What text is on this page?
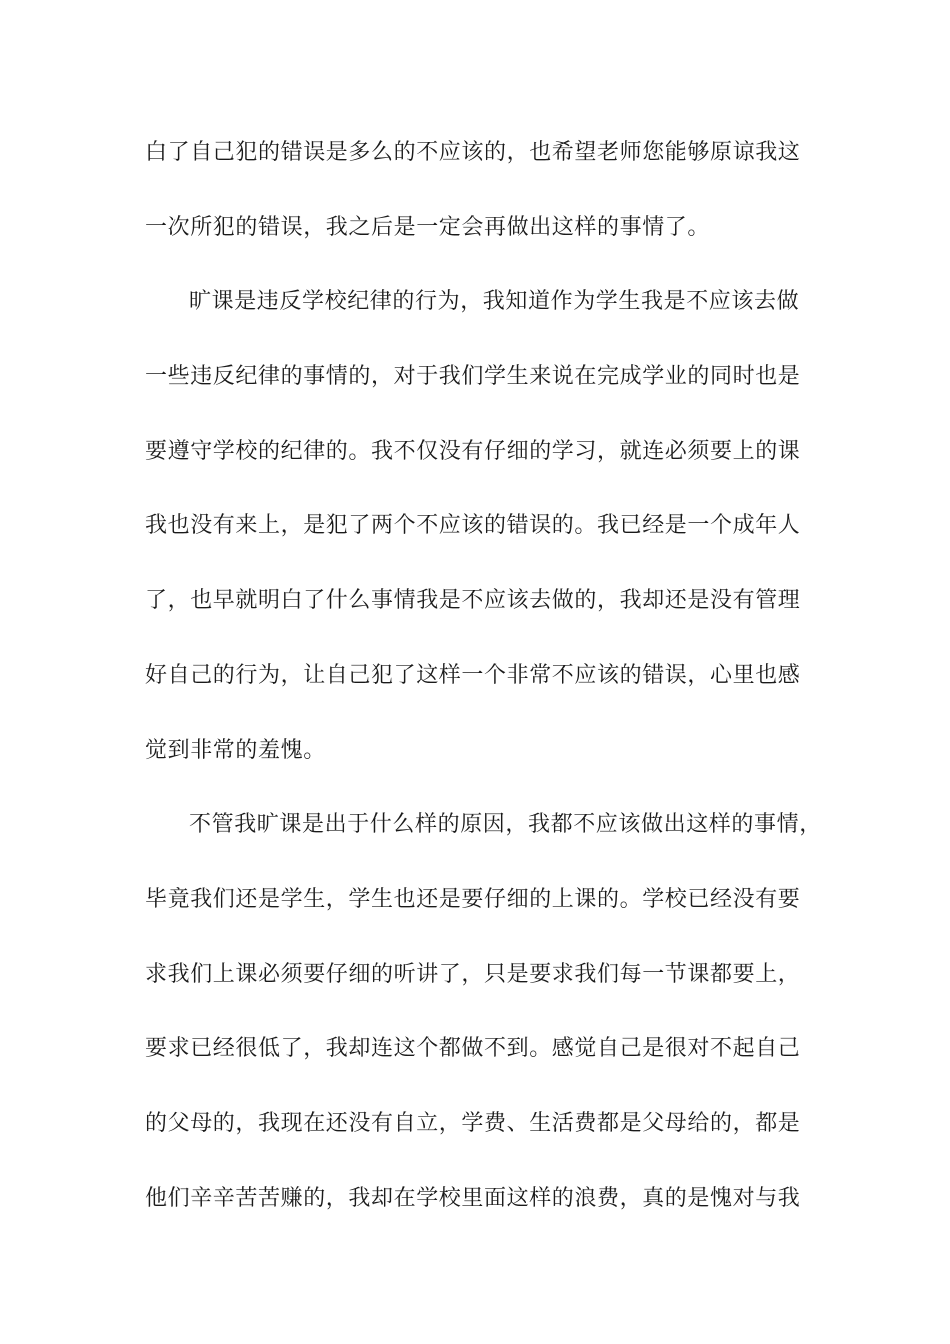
白了自己犯的错误是多么的不应该的，也希望老师您能够原谅我这
一次所犯的错误，我之后是一定会再做出这样的事情了。
旷课是违反学校纪律的行为，我知道作为学生我是不应该去做
一些违反纪律的事情的，对于我们学生来说在完成学业的同时也是
要遵守学校的纪律的。我不仅没有仔细的学习，就连必须要上的课
我也没有来上，是犯了两个不应该的错误的。我已经是一个成年人
了，也早就明白了什么事情我是不应该去做的，我却还是没有管理
好自己的行为，让自己犯了这样一个非常不应该的错误，心里也感
觉到非常的羞愧。
不管我旷课是出于什么样的原因，我都不应该做出这样的事情，
毕竟我们还是学生，学生也还是要仔细的上课的。学校已经没有要
求我们上课必须要仔细的听讲了，只是要求我们每一节课都要上，
要求已经很低了，我却连这个都做不到。感觉自己是很对不起自己
的父母的，我现在还没有自立，学费、生活费都是父母给的，都是
他们辛辛苦苦赚的，我却在学校里面这样的浪费，真的是愧对与我
